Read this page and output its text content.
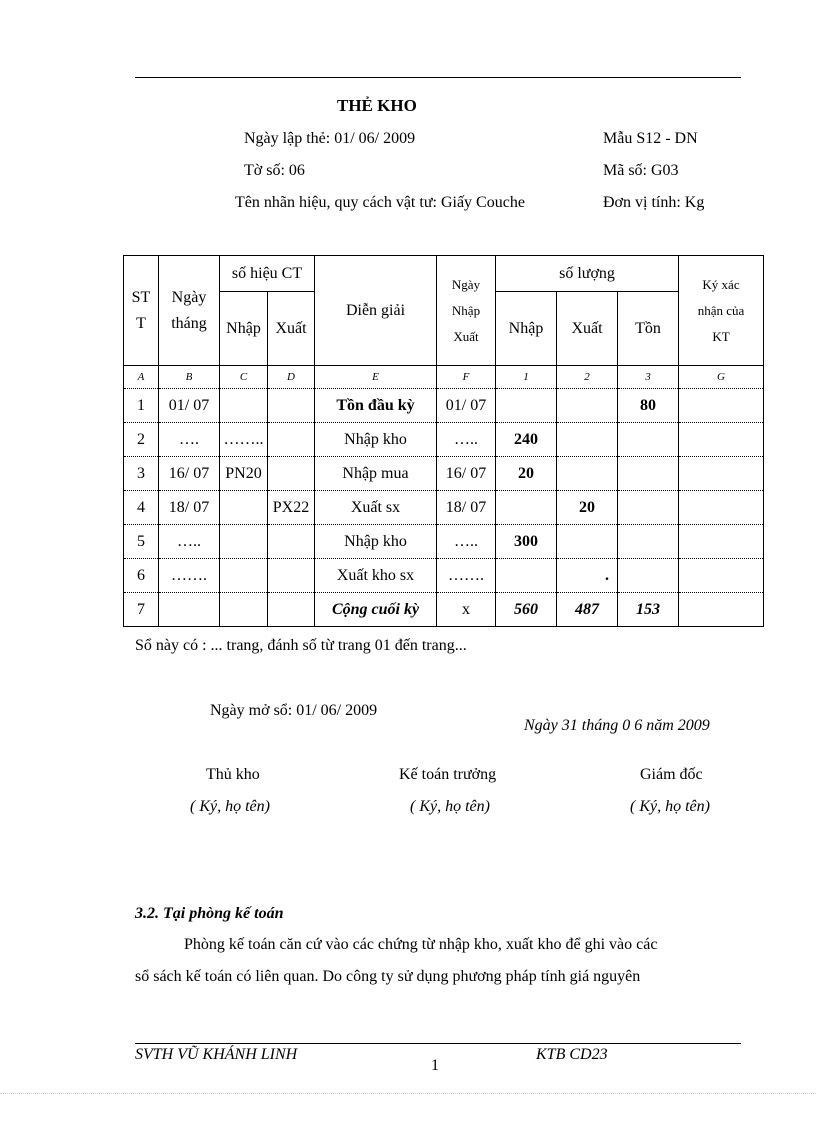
THẺ KHO
Ngày lập thẻ: 01/ 06/ 2009	Mẫu S12 - DN
Tờ số: 06	Mã số: G03
Tên nhãn hiệu, quy cách vật tư: Giấy Couche	Đơn vị tính: Kg
ST T	Ngày tháng	số hiệu CT		Diễn giải	Ngày Nhập Xuất	số lượng			Ký xác nhận của KT
		Nhập	Xuất			Nhập	Xuất	Tồn	
A	B	C	D	E	F	1	2	3	G
1	01/ 07			Tồn đầu kỳ	01/ 07			80	
2	….	……..		Nhập kho	…..	240			
3	16/ 07	PN20		Nhập mua	16/ 07	20			
4	18/ 07		PX22	Xuất sx	18/ 07		20		
5	…..			Nhập kho	…..	300			
6	…….			Xuất kho sx	…….		.		
7				Cộng cuối kỳ	x	560	487	153	
Sổ này có : ... trang, đánh số từ trang 01 đến trang...
Ngày mở sổ: 01/ 06/ 2009
Ngày 31 tháng 0 6 năm 2009
Thủ kho	Kế toán trưởng	Giám đốc
( Ký, họ tên)	( Ký, họ tên)	( Ký, họ tên)
3.2. Tại phòng kế toán
Phòng kế toán căn cứ vào các chứng từ nhập kho, xuất kho để ghi vào các
sổ sách kế toán có liên quan. Do công ty sử dụng phương pháp tính giá nguyên
SVTH VŨ KHÁNH LINH
1
KTB CD23
